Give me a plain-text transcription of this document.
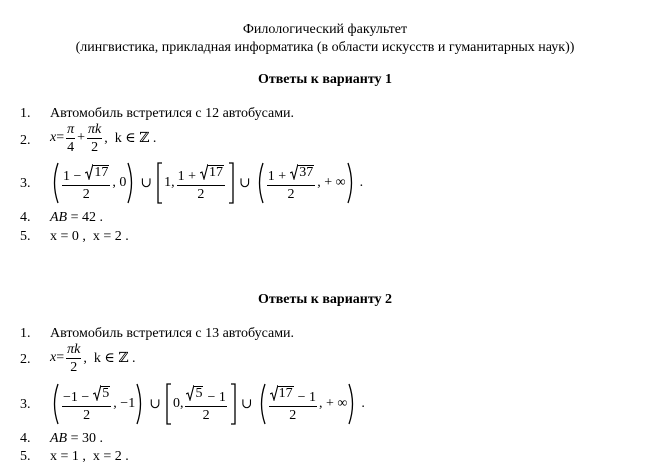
Филологический факультет
(лингвистика, прикладная информатика (в области искусств и гуманитарных наук))
Ответы к варианту 1
1. Автомобиль встретился с 12 автобусами.
2. $x = \frac{\pi}{4} + \frac{\pi k}{2}$ ,  k ∈ ℤ .
3. $\frac{1 - 17}{2}$ , 0 ∪ 1, $\frac{1 + 17}{2}$ ∪ $\frac{1 + 37}{2}$ , + ∞ .
4. AB = 42 .
5. x = 0 ,  x = 2 .
Ответы к варианту 2
1. Автомобиль встретился с 13 автобусами.
2. $x = \frac{\pi k}{2}$ ,  k ∈ ℤ .
3. $\frac{-1 - 5}{2}$ , −1 ∪ 0, $\frac{5 - 1}{2}$ ∪ $\frac{17 - 1}{2}$ , + ∞ .
4. AB = 30 .
5. x = 1 ,  x = 2 .
